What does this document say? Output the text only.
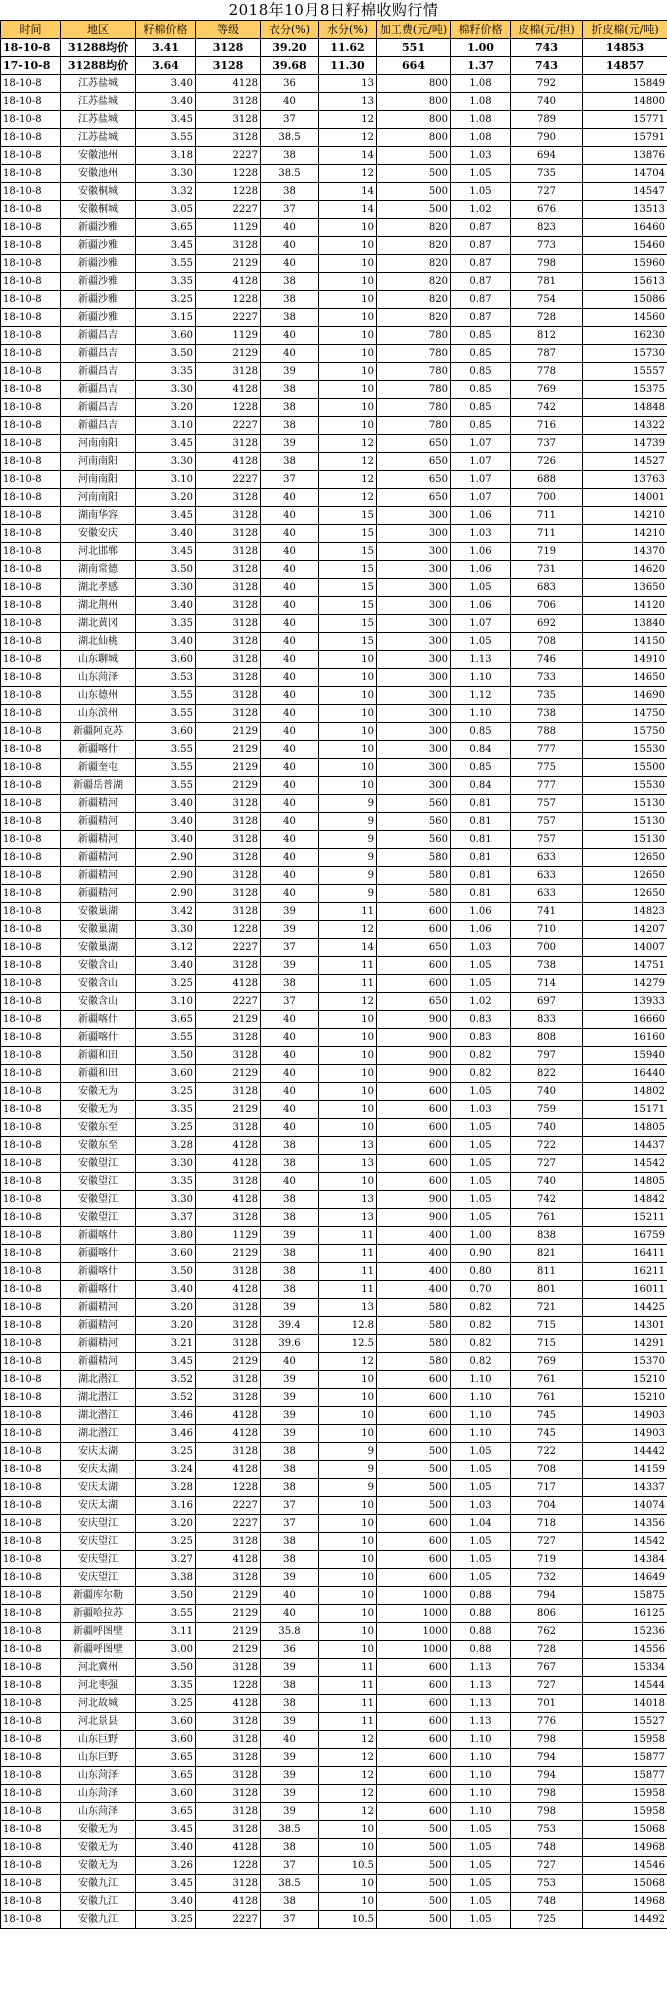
2018年10月8日籽棉收购行情
时间	地区	籽棉价格	等级	衣分(%)	水分(%)	加工费(元/吨)	棉籽价格	皮棉(元/担)	折皮棉(元/吨)
18-10-8	31288均价	3.41	3128	39.20	11.62	551	1.00	743	14853
17-10-8	31288均价	3.64	3128	39.68	11.30	664	1.37	743	14857
18-10-8	江苏盐城	3.40	4128	36	13	800	1.08	792	15849
18-10-8	江苏盐城	3.40	3128	40	13	800	1.08	740	14800
18-10-8	江苏盐城	3.45	3128	37	12	800	1.08	789	15771
18-10-8	江苏盐城	3.55	3128	38.5	12	800	1.08	790	15791
18-10-8	安徽池州	3.18	2227	38	14	500	1.03	694	13876
18-10-8	安徽池州	3.30	1228	38.5	12	500	1.05	735	14704
18-10-8	安徽桐城	3.32	1228	38	14	500	1.05	727	14547
18-10-8	安徽桐城	3.05	2227	37	14	500	1.02	676	13513
18-10-8	新疆沙雅	3.65	1129	40	10	820	0.87	823	16460
18-10-8	新疆沙雅	3.45	3128	40	10	820	0.87	773	15460
18-10-8	新疆沙雅	3.55	2129	40	10	820	0.87	798	15960
18-10-8	新疆沙雅	3.35	4128	38	10	820	0.87	781	15613
18-10-8	新疆沙雅	3.25	1228	38	10	820	0.87	754	15086
18-10-8	新疆沙雅	3.15	2227	38	10	820	0.87	728	14560
18-10-8	新疆昌吉	3.60	1129	40	10	780	0.85	812	16230
18-10-8	新疆昌吉	3.50	2129	40	10	780	0.85	787	15730
18-10-8	新疆昌吉	3.35	3128	39	10	780	0.85	778	15557
18-10-8	新疆昌吉	3.30	4128	38	10	780	0.85	769	15375
18-10-8	新疆昌吉	3.20	1228	38	10	780	0.85	742	14848
18-10-8	新疆昌吉	3.10	2227	38	10	780	0.85	716	14322
18-10-8	河南南阳	3.45	3128	39	12	650	1.07	737	14739
18-10-8	河南南阳	3.30	4128	38	12	650	1.07	726	14527
18-10-8	河南南阳	3.10	2227	37	12	650	1.07	688	13763
18-10-8	河南南阳	3.20	3128	40	12	650	1.07	700	14001
18-10-8	湖南华容	3.45	3128	40	15	300	1.06	711	14210
18-10-8	安徽安庆	3.40	3128	40	15	300	1.03	711	14210
18-10-8	河北邯郸	3.45	3128	40	15	300	1.06	719	14370
18-10-8	湖南常德	3.50	3128	40	15	300	1.06	731	14620
18-10-8	湖北孝感	3.30	3128	40	15	300	1.05	683	13650
18-10-8	湖北荆州	3.40	3128	40	15	300	1.06	706	14120
18-10-8	湖北黄冈	3.35	3128	40	15	300	1.07	692	13840
18-10-8	湖北仙桃	3.40	3128	40	15	300	1.05	708	14150
18-10-8	山东聊城	3.60	3128	40	10	300	1.13	746	14910
18-10-8	山东菏泽	3.53	3128	40	10	300	1.10	733	14650
18-10-8	山东德州	3.55	3128	40	10	300	1.12	735	14690
18-10-8	山东滨州	3.55	3128	40	10	300	1.10	738	14750
18-10-8	新疆阿克苏	3.60	2129	40	10	300	0.85	788	15750
18-10-8	新疆喀什	3.55	2129	40	10	300	0.84	777	15530
18-10-8	新疆奎屯	3.55	2129	40	10	300	0.85	775	15500
18-10-8	新疆岳普湖	3.55	2129	40	10	300	0.84	777	15530
18-10-8	新疆精河	3.40	3128	40	9	560	0.81	757	15130
18-10-8	新疆精河	3.40	3128	40	9	560	0.81	757	15130
18-10-8	新疆精河	3.40	3128	40	9	560	0.81	757	15130
18-10-8	新疆精河	2.90	3128	40	9	580	0.81	633	12650
18-10-8	新疆精河	2.90	3128	40	9	580	0.81	633	12650
18-10-8	新疆精河	2.90	3128	40	9	580	0.81	633	12650
18-10-8	安徽巢湖	3.42	3128	39	11	600	1.06	741	14823
18-10-8	安徽巢湖	3.30	1228	39	12	600	1.06	710	14207
18-10-8	安徽巢湖	3.12	2227	37	14	650	1.03	700	14007
18-10-8	安徽含山	3.40	3128	39	11	600	1.05	738	14751
18-10-8	安徽含山	3.25	4128	38	11	600	1.05	714	14279
18-10-8	安徽含山	3.10	2227	37	12	650	1.02	697	13933
18-10-8	新疆喀什	3.65	2129	40	10	900	0.83	833	16660
18-10-8	新疆喀什	3.55	3128	40	10	900	0.83	808	16160
18-10-8	新疆和田	3.50	3128	40	10	900	0.82	797	15940
18-10-8	新疆和田	3.60	2129	40	10	900	0.82	822	16440
18-10-8	安徽无为	3.25	3128	40	10	600	1.05	740	14802
18-10-8	安徽无为	3.35	2129	40	10	600	1.03	759	15171
18-10-8	安徽东至	3.25	3128	40	10	600	1.05	740	14805
18-10-8	安徽东至	3.28	4128	38	13	600	1.05	722	14437
18-10-8	安徽望江	3.30	4128	38	13	600	1.05	727	14542
18-10-8	安徽望江	3.35	3128	40	10	600	1.05	740	14805
18-10-8	安徽望江	3.30	4128	38	13	900	1.05	742	14842
18-10-8	安徽望江	3.37	3128	38	13	900	1.05	761	15211
18-10-8	新疆喀什	3.80	1129	39	11	400	1.00	838	16759
18-10-8	新疆喀什	3.60	2129	38	11	400	0.90	821	16411
18-10-8	新疆喀什	3.50	3128	38	11	400	0.80	811	16211
18-10-8	新疆喀什	3.40	4128	38	11	400	0.70	801	16011
18-10-8	新疆精河	3.20	3128	39	13	580	0.82	721	14425
18-10-8	新疆精河	3.20	3128	39.4	12.8	580	0.82	715	14301
18-10-8	新疆精河	3.21	3128	39.6	12.5	580	0.82	715	14291
18-10-8	新疆精河	3.45	2129	40	12	580	0.82	769	15370
18-10-8	湖北潜江	3.52	3128	39	10	600	1.10	761	15210
18-10-8	湖北潜江	3.52	3128	39	10	600	1.10	761	15210
18-10-8	湖北潜江	3.46	4128	39	10	600	1.10	745	14903
18-10-8	湖北潜江	3.46	4128	39	10	600	1.10	745	14903
18-10-8	安庆太湖	3.25	3128	38	9	500	1.05	722	14442
18-10-8	安庆太湖	3.24	4128	38	9	500	1.05	708	14159
18-10-8	安庆太湖	3.28	1228	38	9	500	1.05	717	14337
18-10-8	安庆太湖	3.16	2227	37	10	500	1.03	704	14074
18-10-8	安庆望江	3.20	2227	37	10	600	1.04	718	14356
18-10-8	安庆望江	3.25	3128	38	10	600	1.05	727	14542
18-10-8	安庆望江	3.27	4128	38	10	600	1.05	719	14384
18-10-8	安庆望江	3.38	3128	39	10	600	1.05	732	14649
18-10-8	新疆库尔勒	3.50	2129	40	10	1000	0.88	794	15875
18-10-8	新疆哈拉苏	3.55	2129	40	10	1000	0.88	806	16125
18-10-8	新疆呼图壁	3.11	2129	35.8	10	1000	0.88	762	15236
18-10-8	新疆呼图壁	3.00	2129	36	10	1000	0.88	728	14556
18-10-8	河北冀州	3.50	3128	39	11	600	1.13	767	15334
18-10-8	河北枣强	3.35	1228	38	11	600	1.13	727	14544
18-10-8	河北故城	3.25	4128	38	11	600	1.13	701	14018
18-10-8	河北景县	3.60	3128	39	11	600	1.13	776	15527
18-10-8	山东巨野	3.60	3128	40	12	600	1.10	798	15958
18-10-8	山东巨野	3.65	3128	39	12	600	1.10	794	15877
18-10-8	山东菏泽	3.65	3128	39	12	600	1.10	794	15877
18-10-8	山东菏泽	3.60	3128	39	12	600	1.10	798	15958
18-10-8	山东菏泽	3.65	3128	39	12	600	1.10	798	15958
18-10-8	安徽无为	3.45	3128	38.5	10	500	1.05	753	15068
18-10-8	安徽无为	3.40	4128	38	10	500	1.05	748	14968
18-10-8	安徽无为	3.26	1228	37	10.5	500	1.05	727	14546
18-10-8	安徽九江	3.45	3128	38.5	10	500	1.05	753	15068
18-10-8	安徽九江	3.40	4128	38	10	500	1.05	748	14968
18-10-8	安徽九江	3.25	2227	37	10.5	500	1.05	725	14492
